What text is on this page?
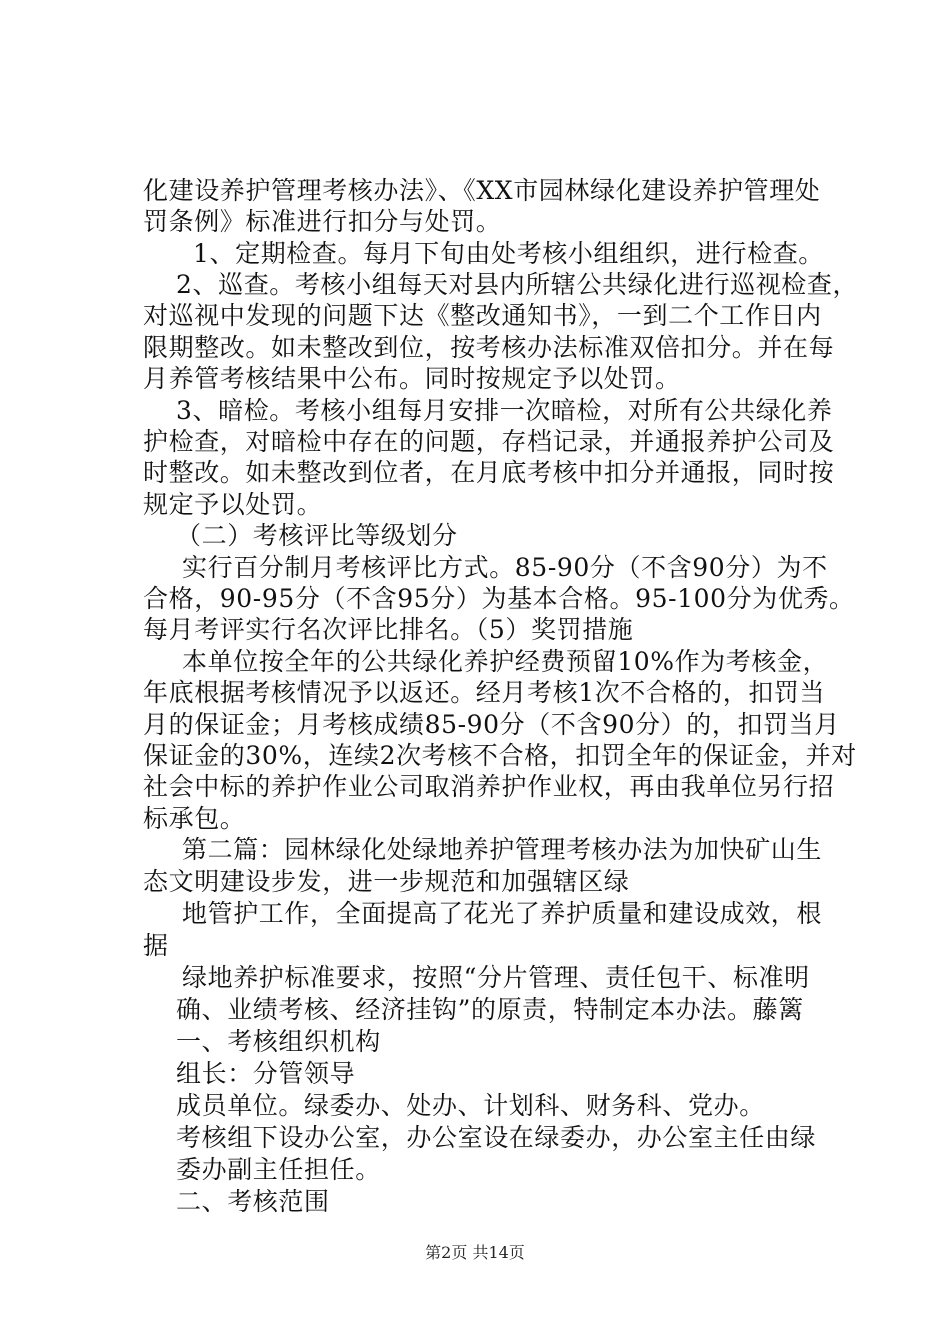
化建设养护管理考核办法》、《XX市园林绿化建设养护管理处
罚条例》标准进行扣分与处罚。
1、定期检查。每月下旬由处考核小组组织，进行检查。
2、巡查。考核小组每天对县内所辖公共绿化进行巡视检查，
对巡视中发现的问题下达《整改通知书》，一到二个工作日内
限期整改。如未整改到位，按考核办法标准双倍扣分。并在每
月养管考核结果中公布。同时按规定予以处罚。
3、暗检。考核小组每月安排一次暗检，对所有公共绿化养
护检查，对暗检中存在的问题，存档记录，并通报养护公司及
时整改。如未整改到位者，在月底考核中扣分并通报，同时按
规定予以处罚。
（二）考核评比等级划分
实行百分制月考核评比方式。85-90分（不含90分）为不
合格，90-95分（不含95分）为基本合格。95-100分为优秀。
每月考评实行名次评比排名。（5）奖罚措施
本单位按全年的公共绿化养护经费预留10%作为考核金，
年底根据考核情况予以返还。经月考核1次不合格的，扣罚当
月的保证金；月考核成绩85-90分（不含90分）的，扣罚当月
保证金的30%，连续2次考核不合格，扣罚全年的保证金，并对
社会中标的养护作业公司取消养护作业权，再由我单位另行招
标承包。
第二篇：园林绿化处绿地养护管理考核办法为加快矿山生
态文明建设步发，进一步规范和加强辖区绿
地管护工作，全面提高了花光了养护质量和建设成效，根
据
绿地养护标准要求，按照“分片管理、责任包干、标准明
确、业绩考核、经济挂钩”的原责，特制定本办法。藤篱
一、考核组织机构
组长：分管领导
成员单位。绿委办、处办、计划科、财务科、党办。
考核组下设办公室，办公室设在绿委办，办公室主任由绿
委办副主任担任。
二、考核范围
第2页 共14页
